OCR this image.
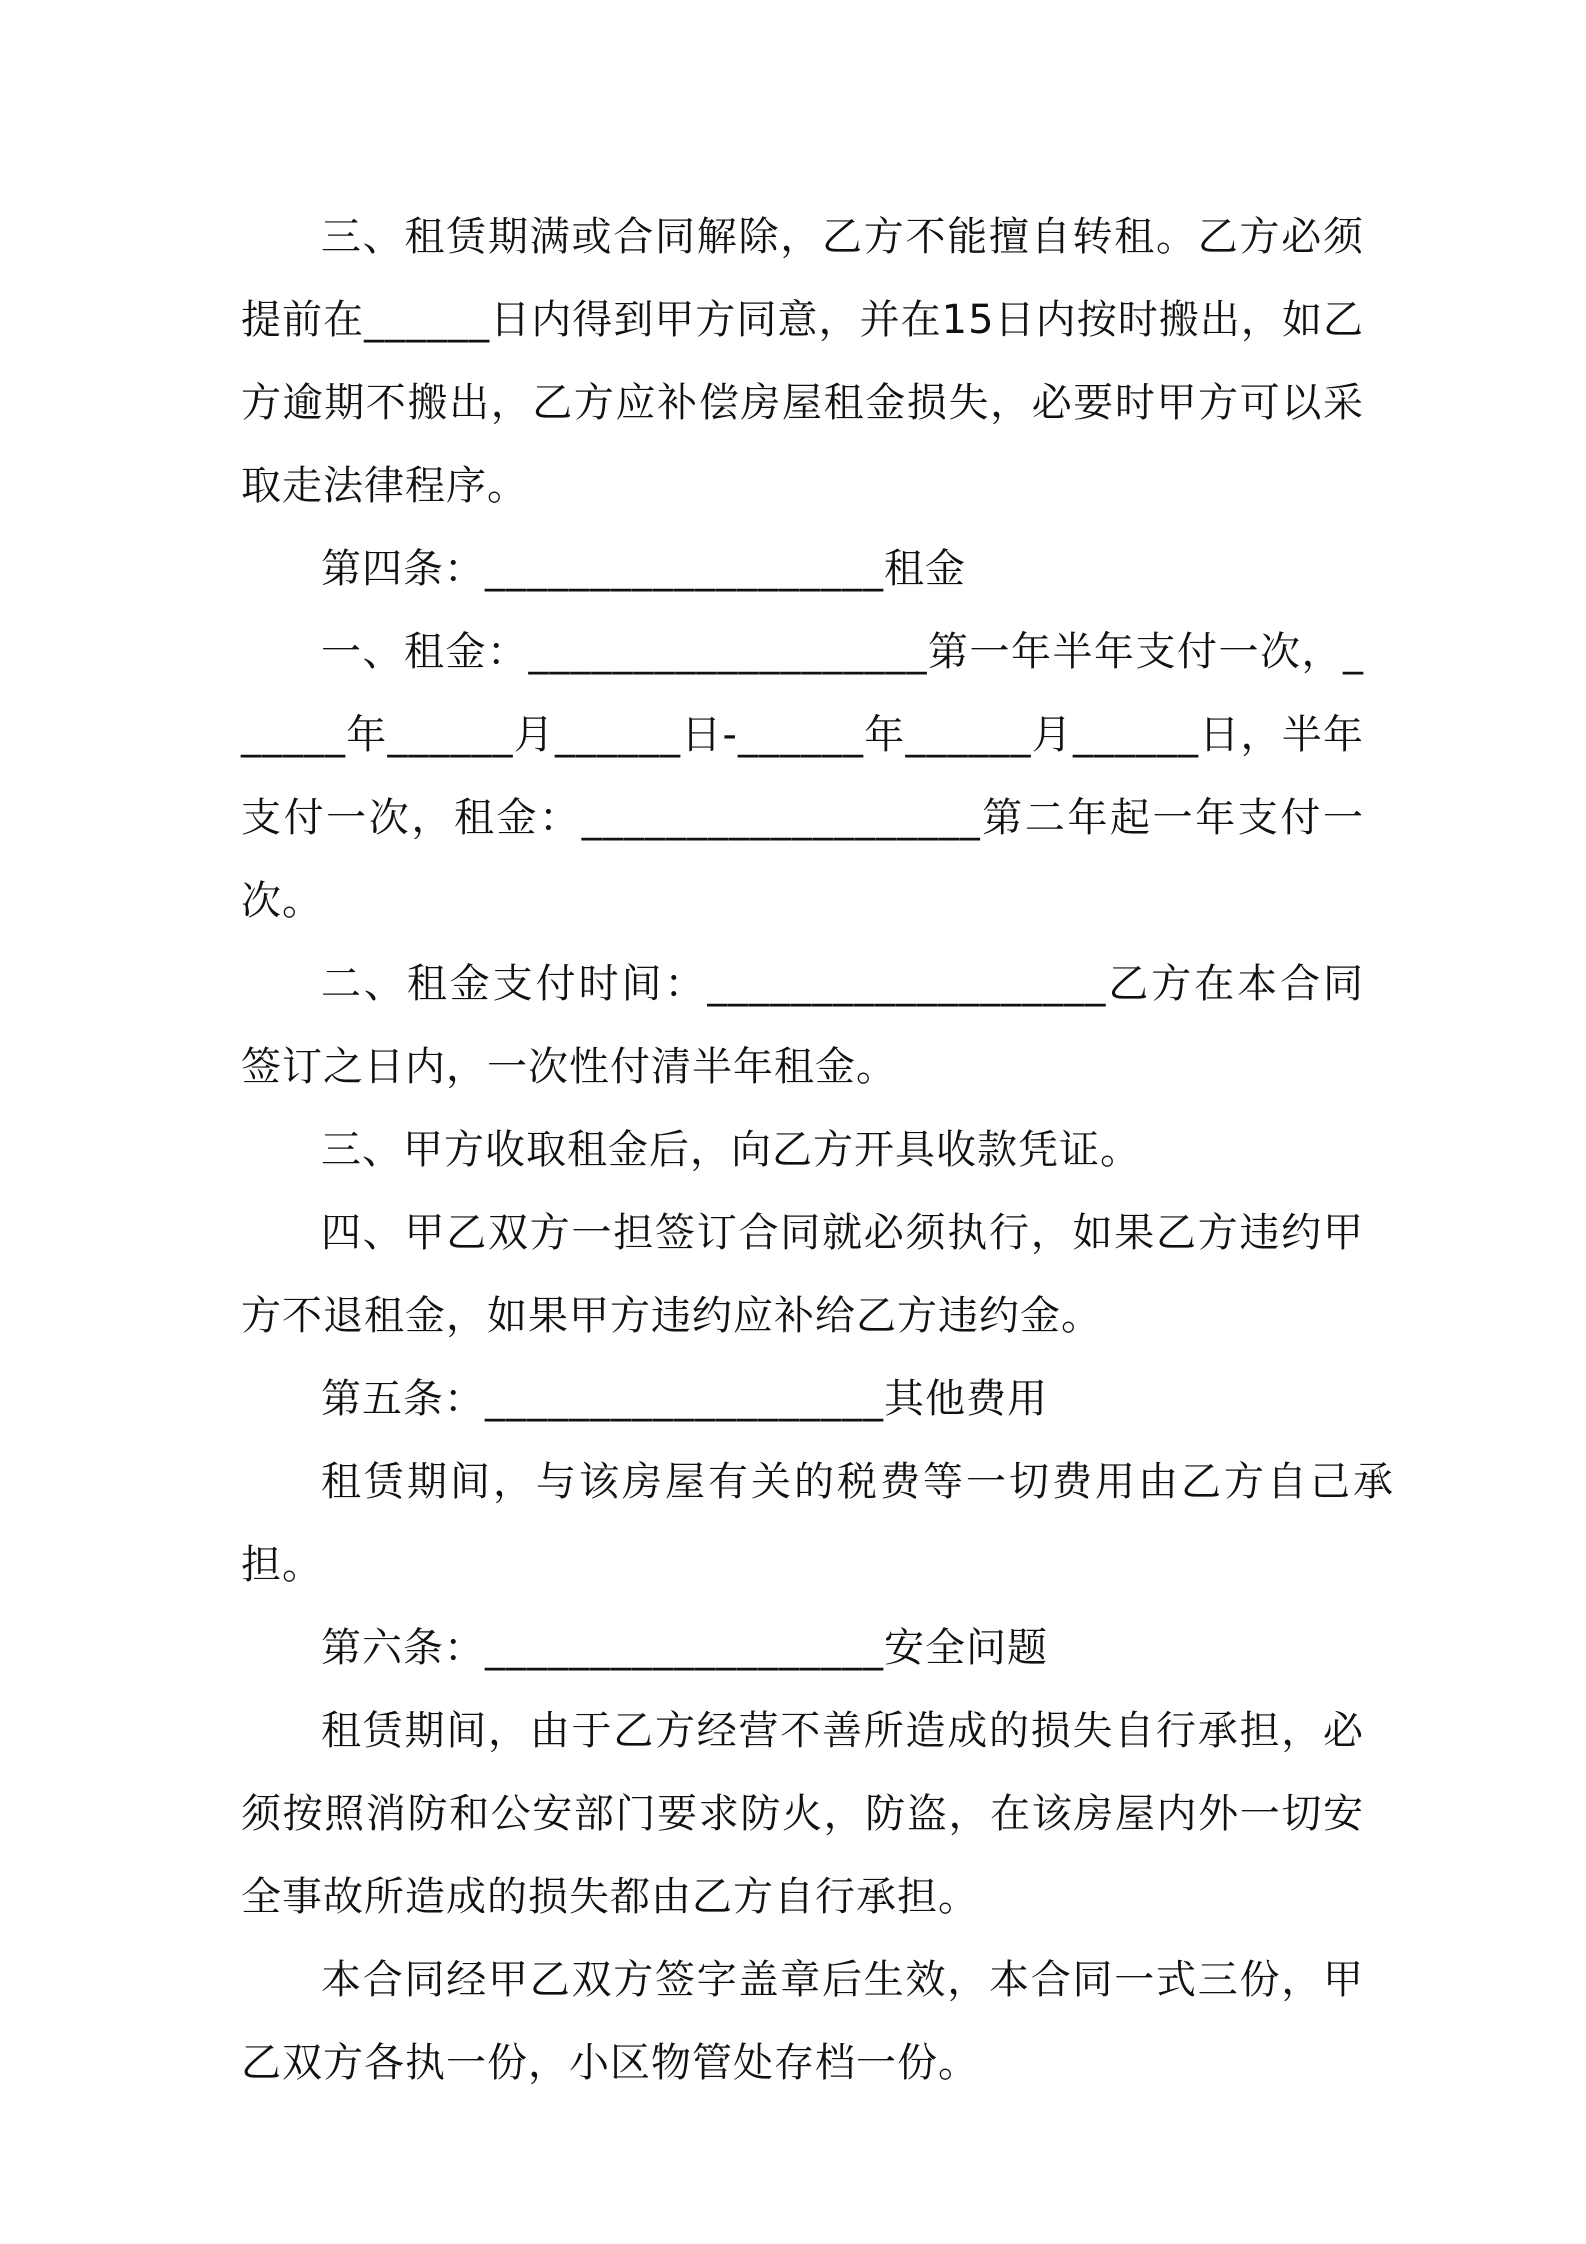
三、租赁期满或合同解除，乙方不能擅自转租。乙方必须提前在______日内得到甲方同意，并在15日内按时搬出，如乙方逾期不搬出，乙方应补偿房屋租金损失，必要时甲方可以采取走法律程序。

第四条：___________________租金

一、租金：___________________第一年半年支付一次，______年______月______日-______年______月______日，半年支付一次，租金：___________________第二年起一年支付一次。

二、租金支付时间：___________________乙方在本合同签订之日内，一次性付清半年租金。

三、甲方收取租金后，向乙方开具收款凭证。

四、甲乙双方一担签订合同就必须执行，如果乙方违约甲方不退租金，如果甲方违约应补给乙方违约金。

第五条：___________________其他费用

租赁期间，与该房屋有关的税费等一切费用由乙方自己承担。

第六条：___________________安全问题

租赁期间，由于乙方经营不善所造成的损失自行承担，必须按照消防和公安部门要求防火，防盗，在该房屋内外一切安全事故所造成的损失都由乙方自行承担。

本合同经甲乙双方签字盖章后生效，本合同一式三份，甲乙双方各执一份，小区物管处存档一份。
